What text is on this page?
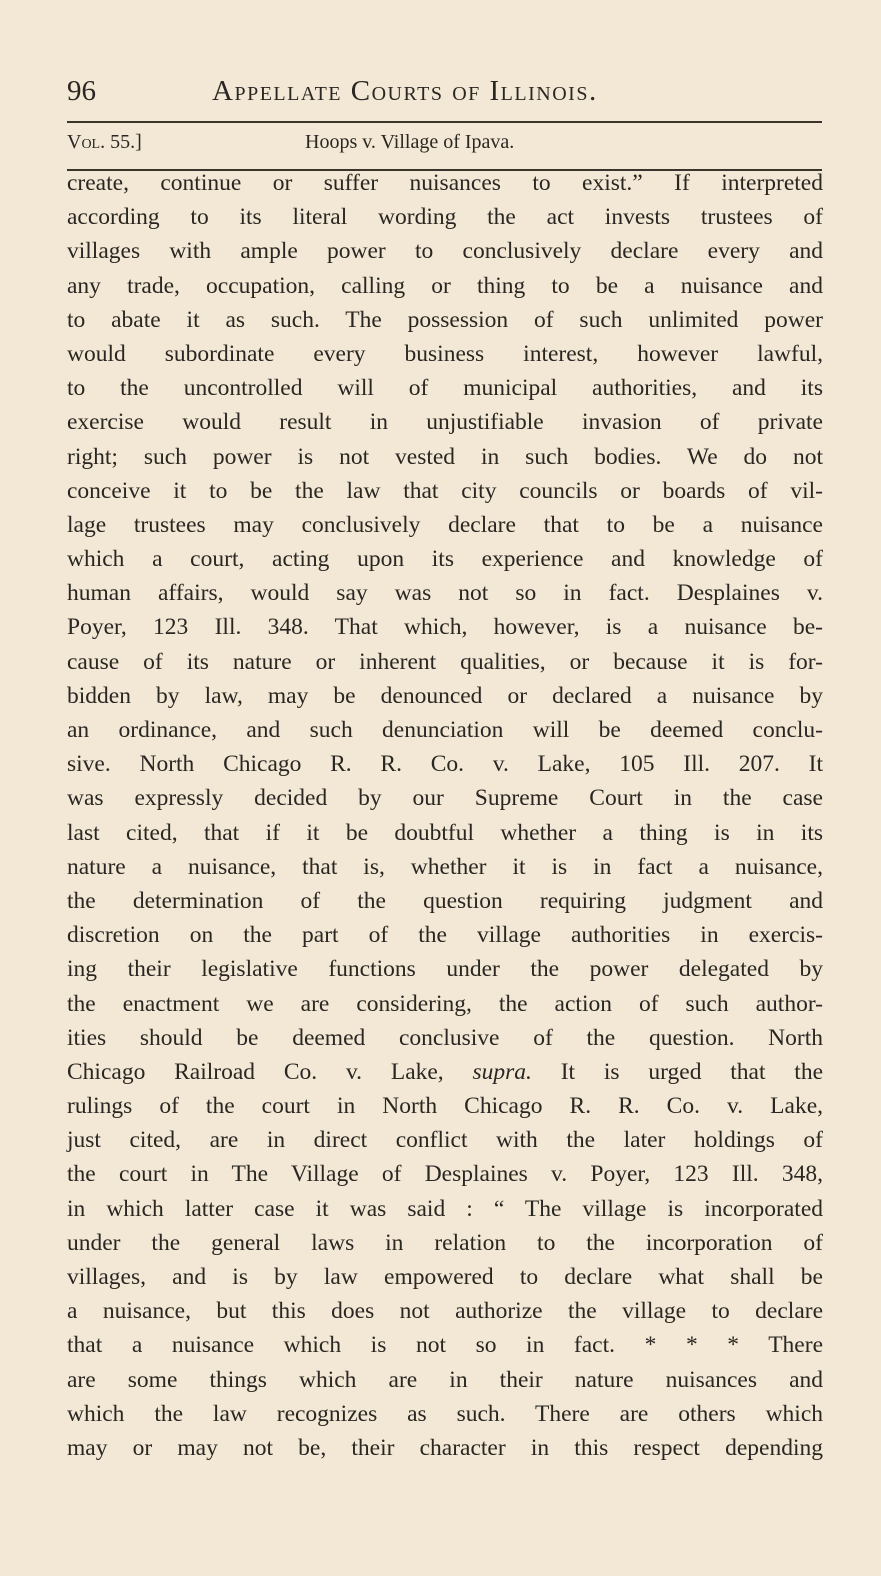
96	Appellate Courts of Illinois.
Vol. 55.]	Hoops v. Village of Ipava.
create, continue or suffer nuisances to exist.” If interpreted
according to its literal wording the act invests trustees of
villages with ample power to conclusively declare every and
any trade, occupation, calling or thing to be a nuisance and
to abate it as such. The possession of such unlimited power
would subordinate every business interest, however lawful,
to the uncontrolled will of municipal authorities, and its
exercise would result in unjustifiable invasion of private
right; such power is not vested in such bodies. We do not
conceive it to be the law that city councils or boards of vil-
lage trustees may conclusively declare that to be a nuisance
which a court, acting upon its experience and knowledge of
human affairs, would say was not so in fact. Desplaines v.
Poyer, 123 Ill. 348. That which, however, is a nuisance be-
cause of its nature or inherent qualities, or because it is for-
bidden by law, may be denounced or declared a nuisance by
an ordinance, and such denunciation will be deemed conclu-
sive. North Chicago R. R. Co. v. Lake, 105 Ill. 207. It
was expressly decided by our Supreme Court in the case
last cited, that if it be doubtful whether a thing is in its
nature a nuisance, that is, whether it is in fact a nuisance,
the determination of the question requiring judgment and
discretion on the part of the village authorities in exercis-
ing their legislative functions under the power delegated by
the enactment we are considering, the action of such author-
ities should be deemed conclusive of the question. North
Chicago Railroad Co. v. Lake, supra. It is urged that the
rulings of the court in North Chicago R. R. Co. v. Lake,
just cited, are in direct conflict with the later holdings of
the court in The Village of Desplaines v. Poyer, 123 Ill. 348,
in which latter case it was said : “ The village is incorporated
under the general laws in relation to the incorporation of
villages, and is by law empowered to declare what shall be
a nuisance, but this does not authorize the village to declare
that a nuisance which is not so in fact. * * * There
are some things which are in their nature nuisances and
which the law recognizes as such. There are others which
may or may not be, their character in this respect depending
